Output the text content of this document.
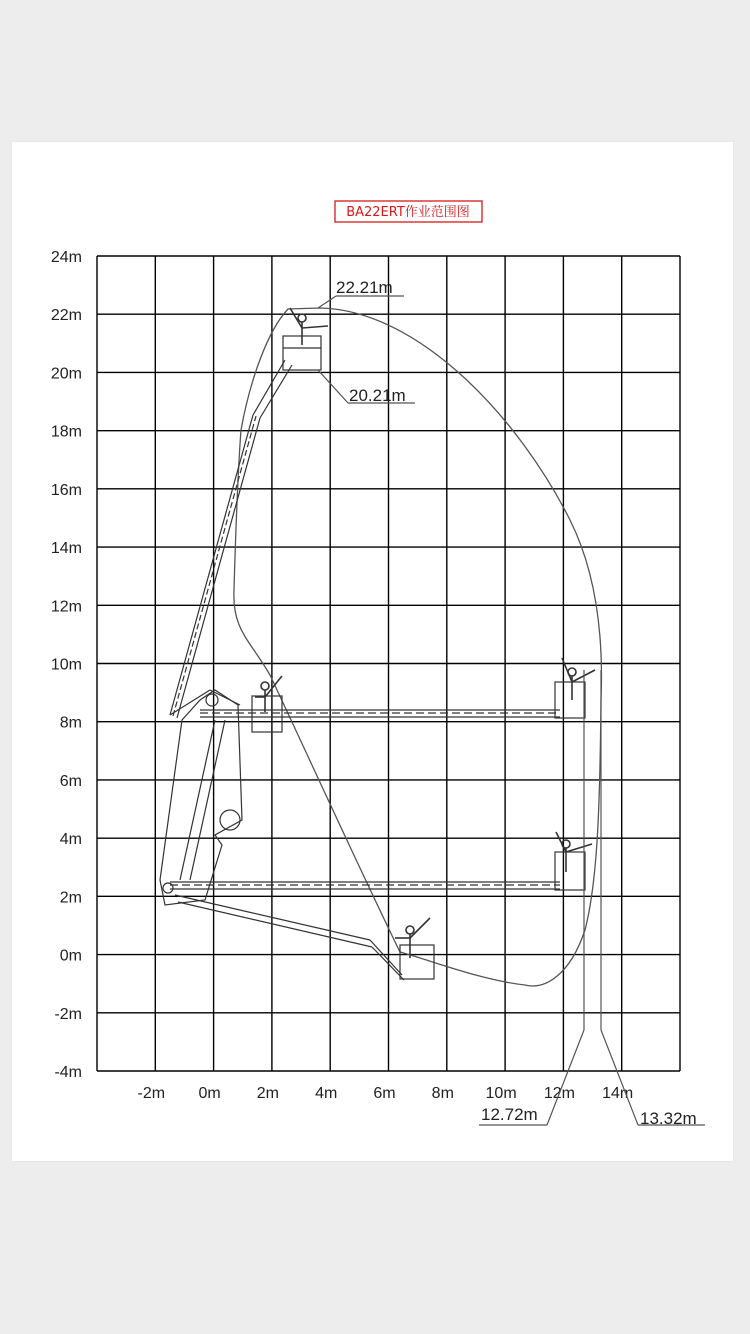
BA22ERT作业范围图
24m
22m
20m
18m
16m
14m
12m
10m
8m
6m
4m
2m
0m
-2m
-4m
-2m 0m 2m 4m 6m 8m 10m 12m 14m
22.21m
20.21m
12.72m	13.32m
